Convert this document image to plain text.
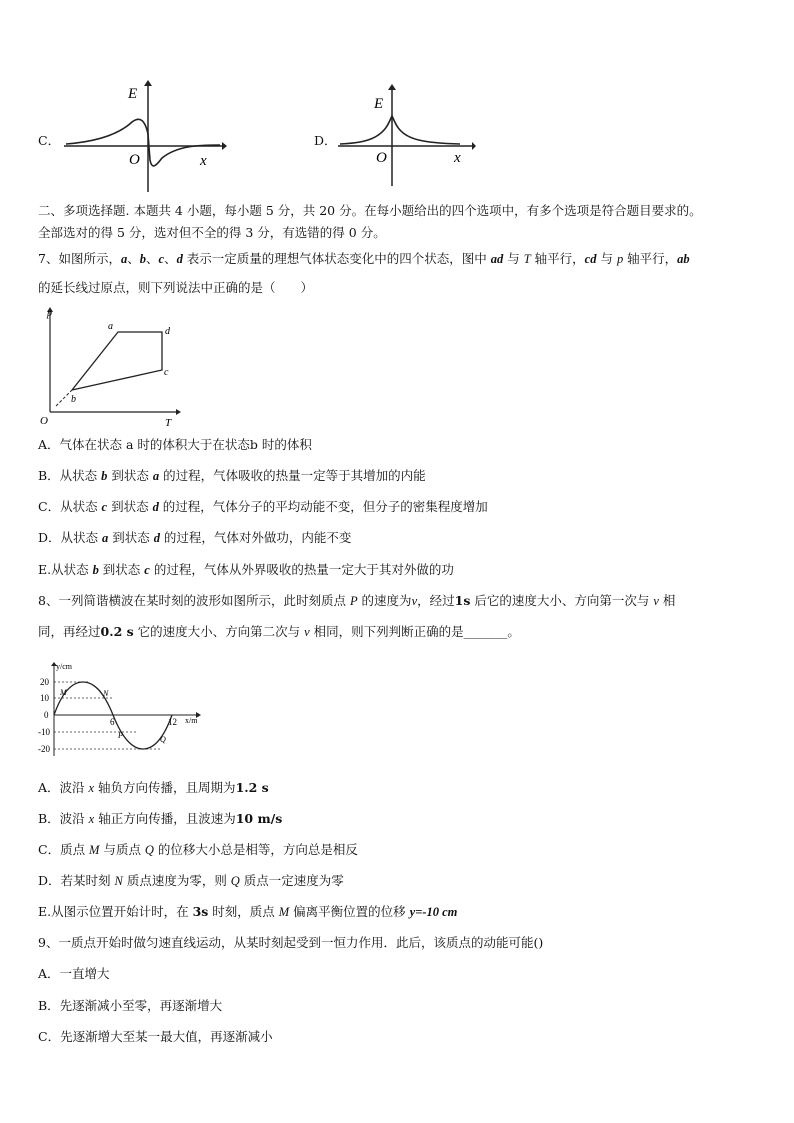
C．
E
O	x
D．
E
O	x
二、多项选择题. 本题共 4 小题，每小题 5 分，共 20 分。在每小题给出的四个选项中，有多个选项是符合题目要求的。
全部选对的得 5 分，选对但不全的得 3 分，有选错的得 0 分。
7、如图所示，a、b、c、d 表示一定质量的理想气体状态变化中的四个状态，图中 ad 与 T 轴平行，cd 与 p 轴平行，ab
的延长线过原点，则下列说法中正确的是（　　）
p
T
O
a
b
c
d
A．气体在状态 a 时的体积大于在状态b 时的体积
B．从状态 b 到状态 a 的过程，气体吸收的热量一定等于其增加的内能
C．从状态 c 到状态 d 的过程，气体分子的平均动能不变，但分子的密集程度增加
D．从状态 a 到状态 d 的过程，气体对外做功，内能不变
E.从状态 b 到状态 c 的过程，气体从外界吸收的热量一定大于其对外做的功
8、一列简谐横波在某时刻的波形如图所示，此时刻质点 P 的速度为v，经过1s 后它的速度大小、方向第一次与 v 相
同，再经过0.2 s 它的速度大小、方向第二次与 v 相同，则下列判断正确的是_______。
y/cm
x/m
20
10
0
-10
-20
6	12
M	N
P	Q
A．波沿 x 轴负方向传播，且周期为1.2 s
B．波沿 x 轴正方向传播，且波速为10 m/s
C．质点 M 与质点 Q 的位移大小总是相等，方向总是相反
D．若某时刻 N 质点速度为零，则 Q 质点一定速度为零
E.从图示位置开始计时，在 3s 时刻，质点 M 偏离平衡位置的位移 y=-10 cm
9、一质点开始时做匀速直线运动，从某时刻起受到一恒力作用．此后，该质点的动能可能()
A．一直增大
B．先逐渐减小至零，再逐渐增大
C．先逐渐增大至某一最大值，再逐渐减小
